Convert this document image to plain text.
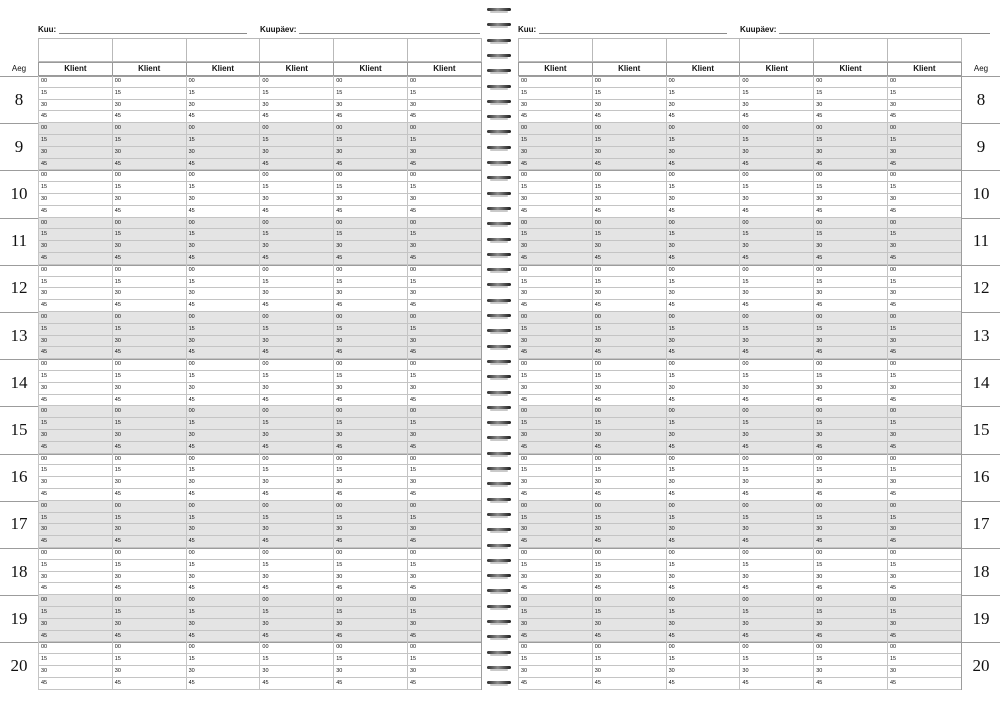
Kuu:	Kuupäev:
Aeg	Klient	Klient	Klient	Klient	Klient	Klient
8
00	00	00	00	00	00
15	15	15	15	15	15
30	30	30	30	30	30
45	45	45	45	45	45
9
00	00	00	00	00	00
15	15	15	15	15	15
30	30	30	30	30	30
45	45	45	45	45	45
10
00	00	00	00	00	00
15	15	15	15	15	15
30	30	30	30	30	30
45	45	45	45	45	45
11
00	00	00	00	00	00
15	15	15	15	15	15
30	30	30	30	30	30
45	45	45	45	45	45
12
00	00	00	00	00	00
15	15	15	15	15	15
30	30	30	30	30	30
45	45	45	45	45	45
13
00	00	00	00	00	00
15	15	15	15	15	15
30	30	30	30	30	30
45	45	45	45	45	45
14
00	00	00	00	00	00
15	15	15	15	15	15
30	30	30	30	30	30
45	45	45	45	45	45
15
00	00	00	00	00	00
15	15	15	15	15	15
30	30	30	30	30	30
45	45	45	45	45	45
16
00	00	00	00	00	00
15	15	15	15	15	15
30	30	30	30	30	30
45	45	45	45	45	45
17
00	00	00	00	00	00
15	15	15	15	15	15
30	30	30	30	30	30
45	45	45	45	45	45
18
00	00	00	00	00	00
15	15	15	15	15	15
30	30	30	30	30	30
45	45	45	45	45	45
19
00	00	00	00	00	00
15	15	15	15	15	15
30	30	30	30	30	30
45	45	45	45	45	45
20
00	00	00	00	00	00
15	15	15	15	15	15
30	30	30	30	30	30
45	45	45	45	45	45
Kuu:	Kuupäev:
Aeg
Klient	Klient	Klient	Klient	Klient	Klient
8
00	00	00	00	00	00
15	15	15	15	15	15
30	30	30	30	30	30
45	45	45	45	45	45
9
00	00	00	00	00	00
15	15	15	15	15	15
30	30	30	30	30	30
45	45	45	45	45	45
10
00	00	00	00	00	00
15	15	15	15	15	15
30	30	30	30	30	30
45	45	45	45	45	45
11
00	00	00	00	00	00
15	15	15	15	15	15
30	30	30	30	30	30
45	45	45	45	45	45
12
00	00	00	00	00	00
15	15	15	15	15	15
30	30	30	30	30	30
45	45	45	45	45	45
13
00	00	00	00	00	00
15	15	15	15	15	15
30	30	30	30	30	30
45	45	45	45	45	45
14
00	00	00	00	00	00
15	15	15	15	15	15
30	30	30	30	30	30
45	45	45	45	45	45
15
00	00	00	00	00	00
15	15	15	15	15	15
30	30	30	30	30	30
45	45	45	45	45	45
16
00	00	00	00	00	00
15	15	15	15	15	15
30	30	30	30	30	30
45	45	45	45	45	45
17
00	00	00	00	00	00
15	15	15	15	15	15
30	30	30	30	30	30
45	45	45	45	45	45
18
00	00	00	00	00	00
15	15	15	15	15	15
30	30	30	30	30	30
45	45	45	45	45	45
19
00	00	00	00	00	00
15	15	15	15	15	15
30	30	30	30	30	30
45	45	45	45	45	45
20
00	00	00	00	00	00
15	15	15	15	15	15
30	30	30	30	30	30
45	45	45	45	45	45
